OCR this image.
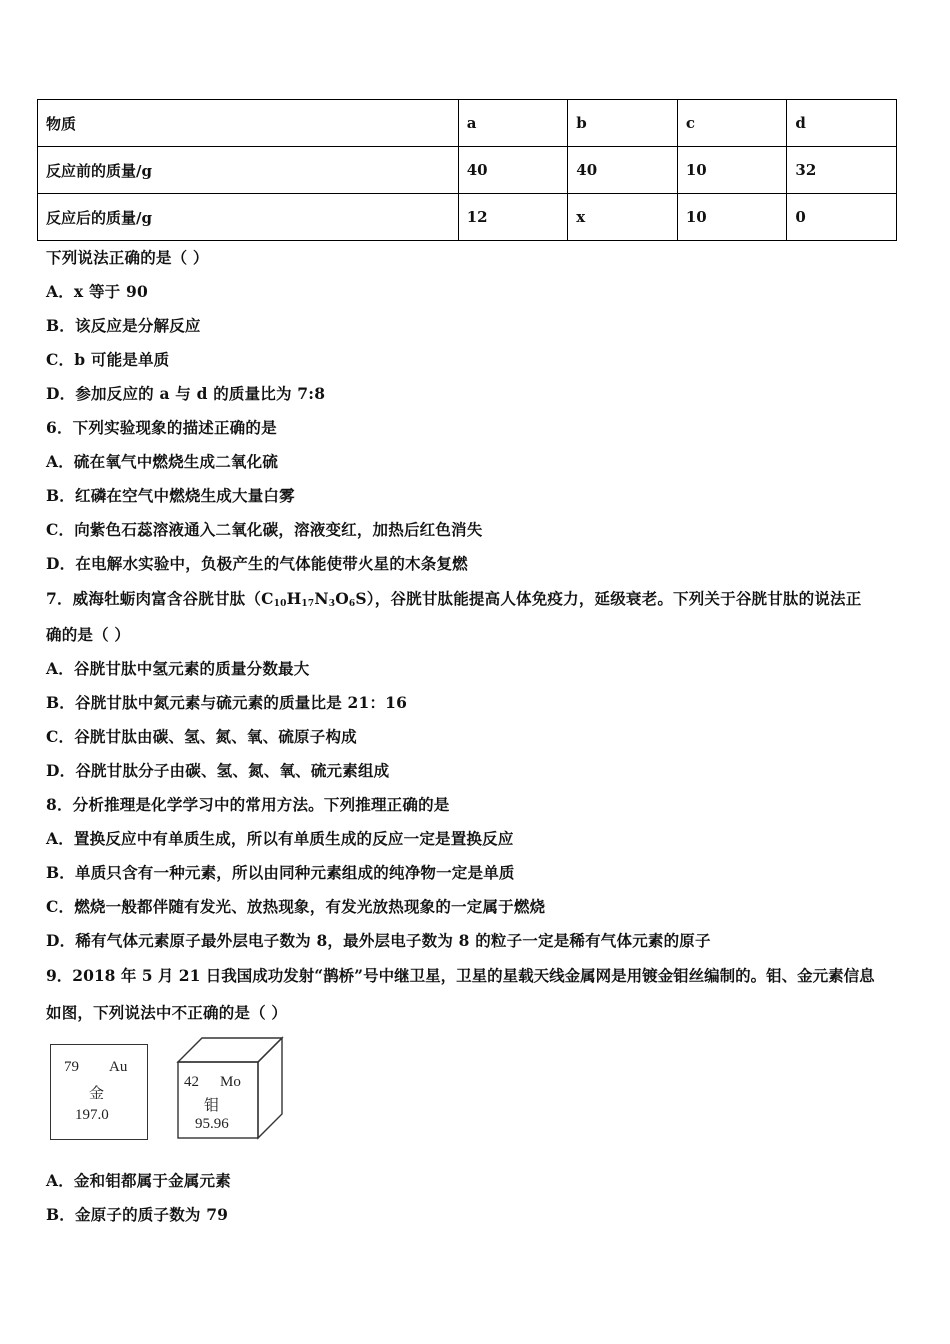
物质	a	b	c	d
反应前的质量/g	40	40	10	32
反应后的质量/g	12	x	10	0
下列说法正确的是（ ）
A．x 等于 90
B．该反应是分解反应
C．b 可能是单质
D．参加反应的 a 与 d 的质量比为 7:8
6．下列实验现象的描述正确的是
A．硫在氧气中燃烧生成二氧化硫
B．红磷在空气中燃烧生成大量白雾
C．向紫色石蕊溶液通入二氧化碳，溶液变红，加热后红色消失
D．在电解水实验中，负极产生的气体能使带火星的木条复燃
7．威海牡蛎肉富含谷胱甘肽$(C_{10}H_{17}N_3O_6S)$，谷胱甘肽能提高人体免疫力，延级衰老。下列关于谷胱甘肽的说法正
确的是（ ）
A．谷胱甘肽中氢元素的质量分数最大
B．谷胱甘肽中氮元素与硫元素的质量比是 21：16
C．谷胱甘肽由碳、氢、氮、氧、硫原子构成
D．谷胱甘肽分子由碳、氢、氮、氧、硫元素组成
8．分析推理是化学学习中的常用方法。下列推理正确的是
A．置换反应中有单质生成，所以有单质生成的反应一定是置换反应
B．单质只含有一种元素，所以由同种元素组成的纯净物一定是单质
C．燃烧一般都伴随有发光、放热现象，有发光放热现象的一定属于燃烧
D．稀有气体元素原子最外层电子数为 8，最外层电子数为 8 的粒子一定是稀有气体元素的原子
9．2018 年 5 月 21 日我国成功发射“鹊桥”号中继卫星，卫星的星载天线金属网是用镀金钼丝编制的。钼、金元素信息
如图，下列说法中不正确的是（ ）
79 Au
金
197.0
42 Mo
钼
95.96
A．金和钼都属于金属元素
B．金原子的质子数为 79
